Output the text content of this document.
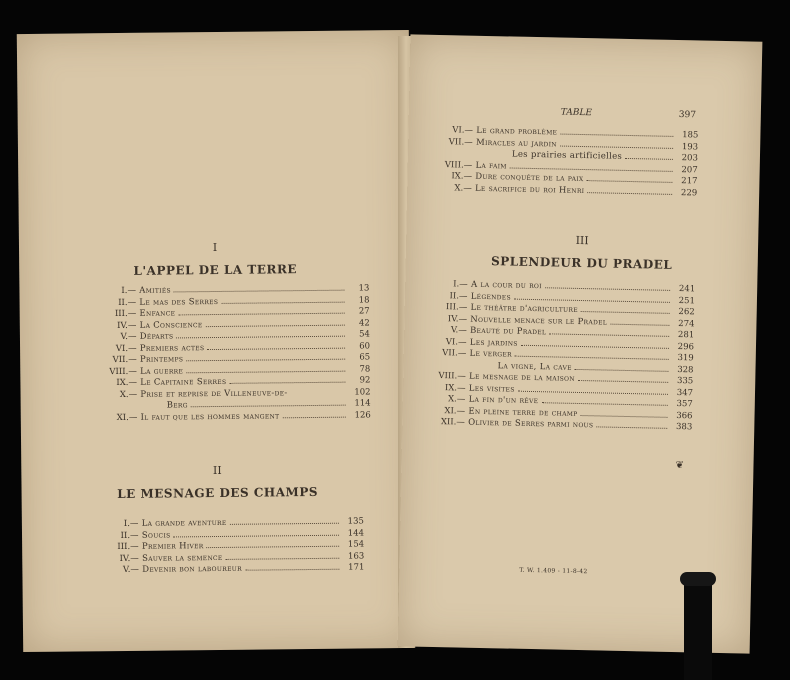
I
L'APPEL DE LA TERRE
I. — Amitiés	13
II. — Le mas des Serres	18
III. — Enfance	27
IV. — La Conscience	42
V. — Départs	54
VI. — Premiers actes	60
VII. — Printemps	65
VIII. — La guerre	78
IX. — Le Capitaine Serres	92
X. — Prise et reprise de Villeneuve-de-	102
Berg	114
XI. — Il faut que les hommes mangent	126
II
LE MESNAGE DES CHAMPS
I. — La grande aventure	135
II. — Soucis	144
III. — Premier Hiver	154
IV. — Sauver la semence	163
V. — Devenir bon laboureur	171
TABLE	397
VI. — Le grand problème	185
VII. — Miracles au jardin	193
Les prairies artificielles	203
VIII. — La faim	207
IX. — Dure conquête de la paix	217
X. — Le sacrifice du roi Henri	229
III
SPLENDEUR DU PRADEL
I. — A la cour du roi	241
II. — Légendes	251
III. — Le théâtre d'agriculture	262
IV. — Nouvelle menace sur le Pradel	274
V. — Beauté du Pradel	281
VI. — Les jardins	296
VII. — Le verger	319
La vigne, La cave	328
VIII. — Le mesnage de la maison	335
IX. — Les visites	347
X. — La fin d'un rêve	357
XI. — En pleine terre de champ	366
XII. — Olivier de Serres parmi nous	383
❦
T. W. 1.409 - 11-8-42
